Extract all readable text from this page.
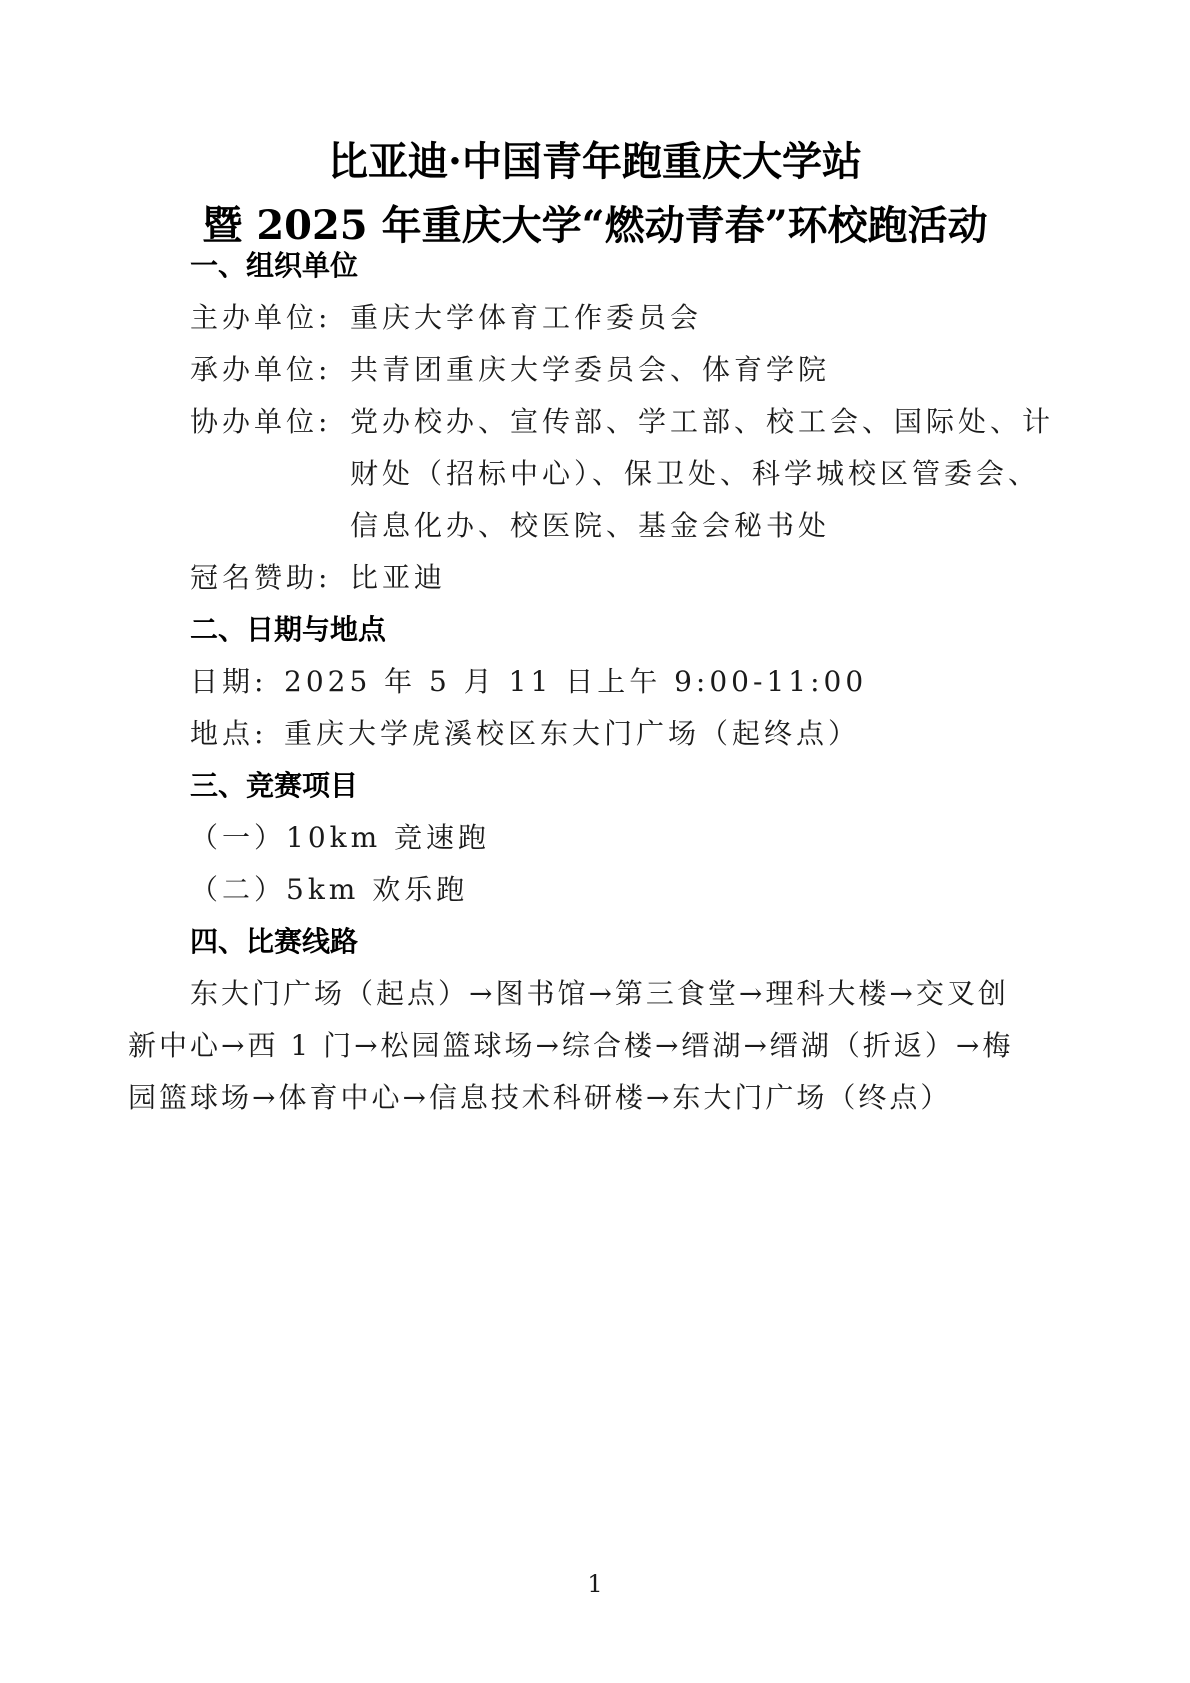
比亚迪·中国青年跑重庆大学站
暨 2025 年重庆大学“燃动青春”环校跑活动
一、组织单位

主办单位: 重庆大学体育工作委员会

承办单位: 共青团重庆大学委员会、体育学院

协办单位: 党办校办、宣传部、学工部、校工会、国际处、计

财处（招标中心）、保卫处、科学城校区管委会、

信息化办、校医院、基金会秘书处

冠名赞助: 比亚迪

二、日期与地点

日期: 2025 年 5 月 11 日上午 9:00-11:00

地点: 重庆大学虎溪校区东大门广场（起终点）

三、竞赛项目

（一）10km 竞速跑

（二）5km 欢乐跑

四、比赛线路

东大门广场（起点）→图书馆→第三食堂→理科大楼→交叉创

新中心→西 1 门→松园篮球场→综合楼→缙湖→缙湖（折返）→梅

园篮球场→体育中心→信息技术科研楼→东大门广场（终点）

1
